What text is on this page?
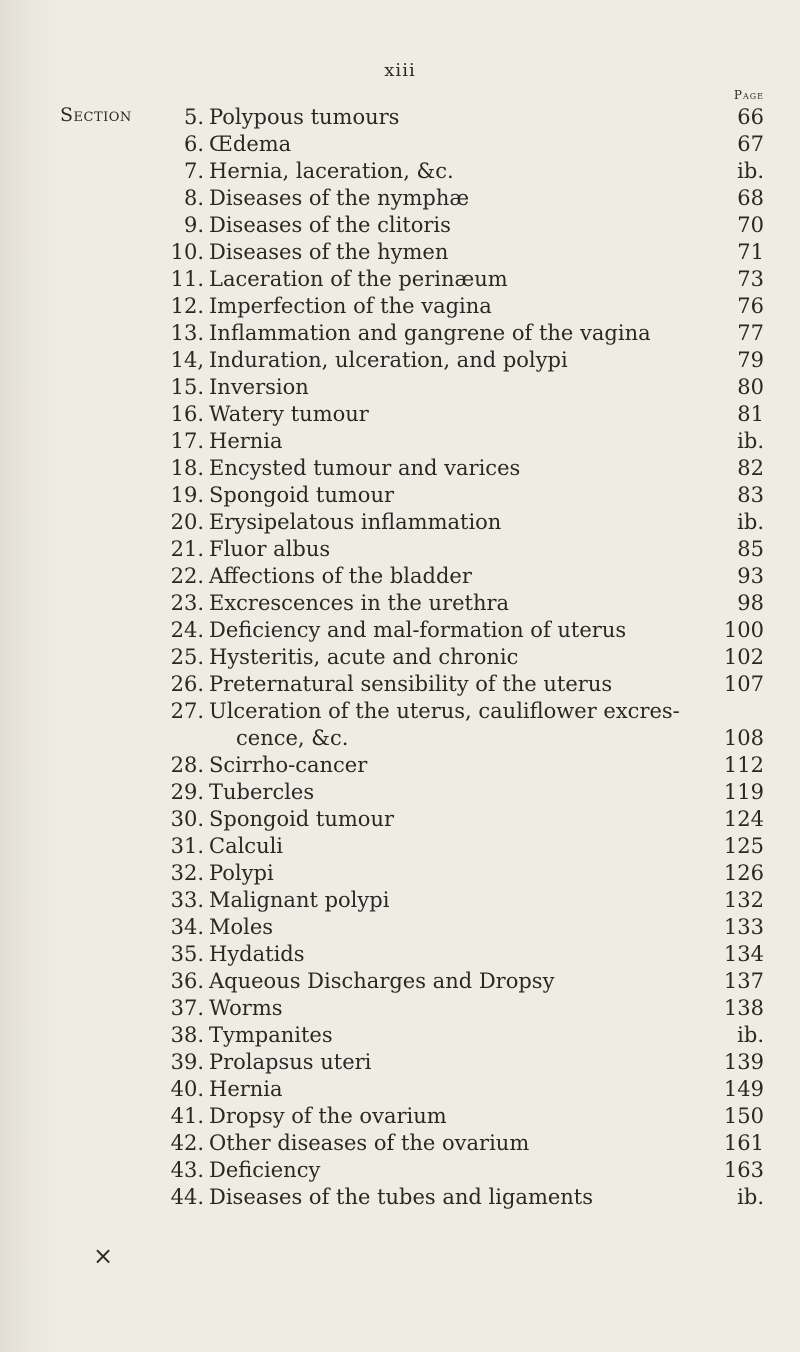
xiii
Page
Section 5. Polypous tumours	66
6. Œdema	67
7. Hernia, laceration, &c.	ib.
8. Diseases of the nymphæ	68
9. Diseases of the clitoris	70
10. Diseases of the hymen	71
11. Laceration of the perinæum	73
12. Imperfection of the vagina	76
13. Inflammation and gangrene of the vagina	77
14, Induration, ulceration, and polypi	79
15. Inversion	80
16. Watery tumour	81
17. Hernia	ib.
18. Encysted tumour and varices	82
19. Spongoid tumour	83
20. Erysipelatous inflammation	ib.
21. Fluor albus	85
22. Affections of the bladder	93
23. Excrescences in the urethra	98
24. Deficiency and mal-formation of uterus	100
25. Hysteritis, acute and chronic	102
26. Preternatural sensibility of the uterus	107
27. Ulceration of the uterus, cauliflower excres-
cence, &c.	108
28. Scirrho-cancer	112
29. Tubercles	119
30. Spongoid tumour	124
31. Calculi	125
32. Polypi	126
33. Malignant polypi	132
34. Moles	133
35. Hydatids	134
36. Aqueous Discharges and Dropsy	137
37. Worms	138
38. Tympanites	ib.
39. Prolapsus uteri	139
40. Hernia	149
41. Dropsy of the ovarium	150
42. Other diseases of the ovarium	161
43. Deficiency	163
44. Diseases of the tubes and ligaments	ib.
×
